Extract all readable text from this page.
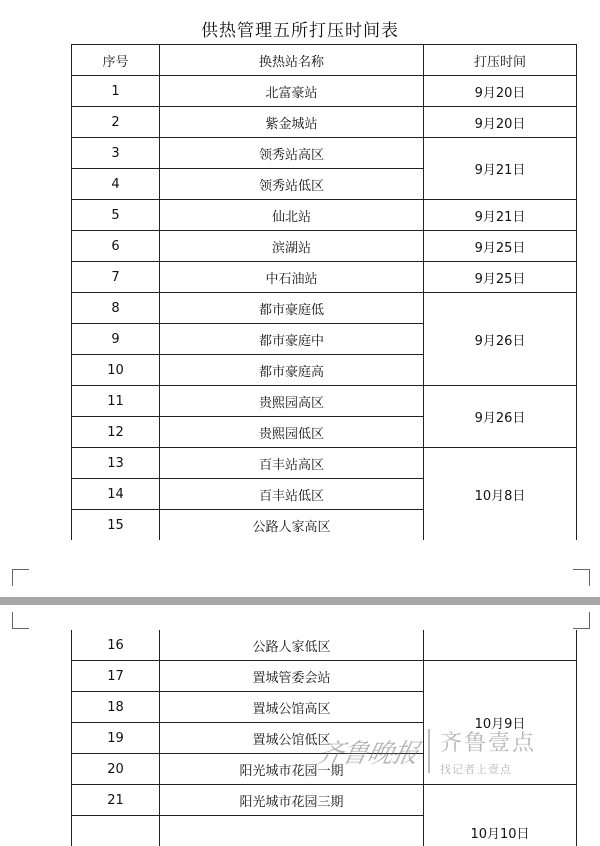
供热管理五所打压时间表
序号	换热站名称	打压时间
1	北富豪站	9月20日
2	紫金城站	9月20日
3	领秀站高区	9月21日
4	领秀站低区	
5	仙北站	9月21日
6	滨湖站	9月25日
7	中石油站	9月25日
8	都市豪庭低	9月26日
9	都市豪庭中	
10	都市豪庭高	
11	贵熙园高区	9月26日
12	贵熙园低区	
13	百丰站高区	10月8日
14	百丰站低区	
15	公路人家高区	
16	公路人家低区	
17	置城管委会站	10月9日
18	置城公馆高区	
19	置城公馆低区	
20	阳光城市花园一期	
21	阳光城市花园三期	10月10日

齐鲁晚报 齐鲁壹点
找记者上壹点
